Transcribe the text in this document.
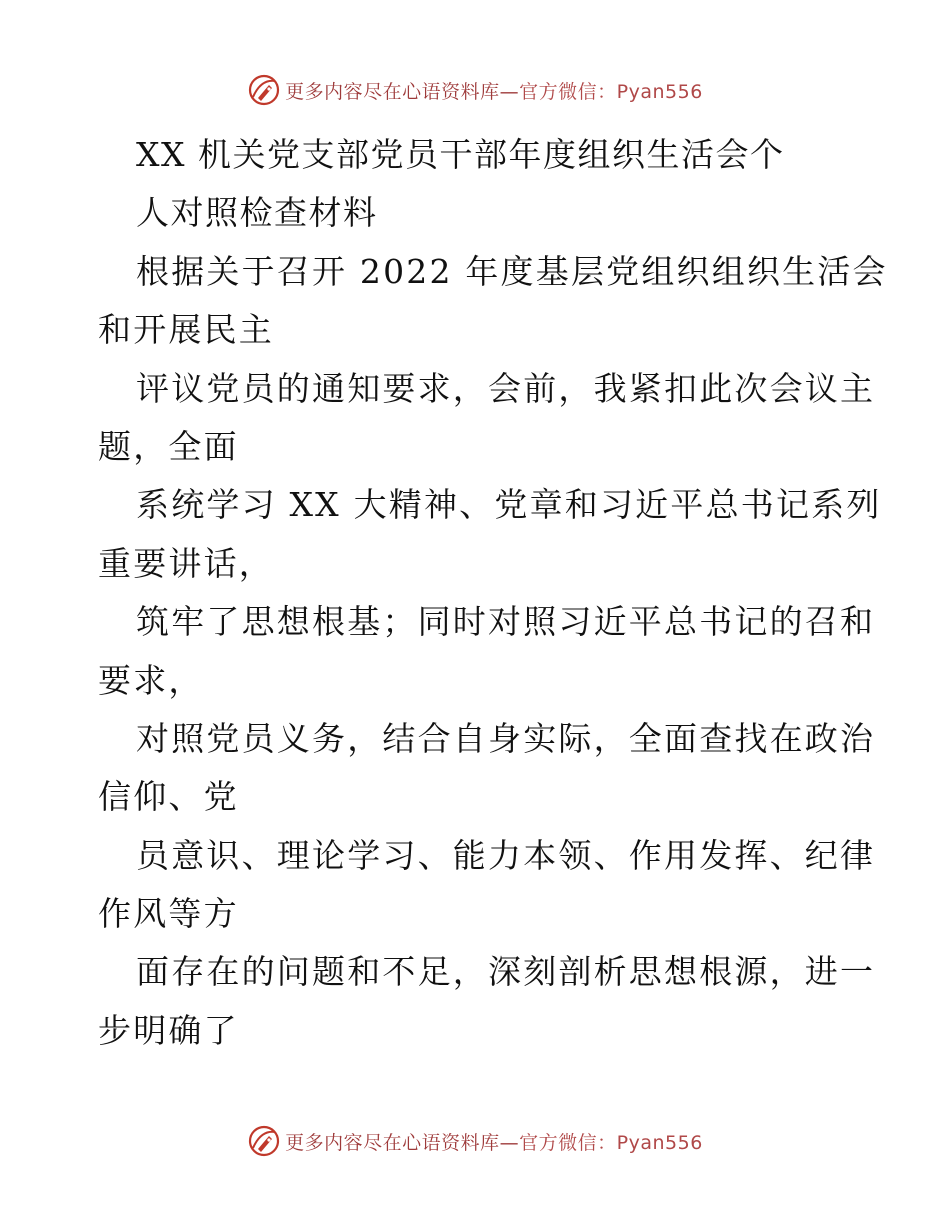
更多内容尽在心语资料库—官方微信：Pyan556
XX 机关党支部党员干部年度组织生活会个
人对照检查材料
根据关于召开 2022 年度基层党组织组织生活会
和开展民主
评议党员的通知要求，会前，我紧扣此次会议主
题，全面
系统学习 XX 大精神、党章和习近平总书记系列
重要讲话，
筑牢了思想根基；同时对照习近平总书记的召和
要求，
对照党员义务，结合自身实际，全面查找在政治
信仰、党
员意识、理论学习、能力本领、作用发挥、纪律
作风等方
面存在的问题和不足，深刻剖析思想根源，进一
步明确了
更多内容尽在心语资料库—官方微信：Pyan556
